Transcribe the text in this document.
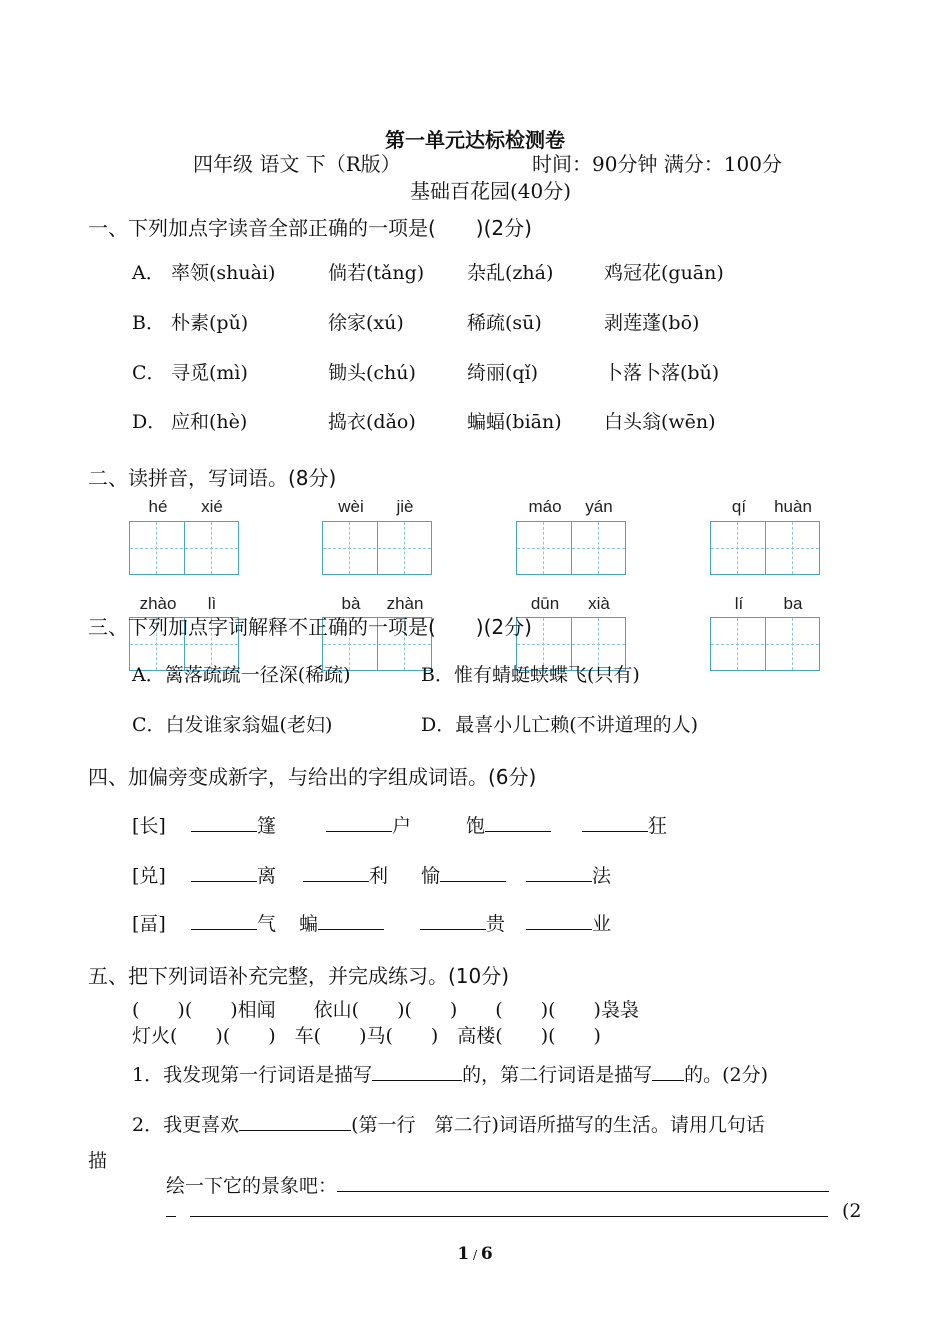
第一单元达标检测卷
四年级 语文 下（R版）	时间：90分钟 满分：100分
基础百花园(40分)
一、下列加点字读音全部正确的一项是(　　)(2分)
A． 率领(shuài)	倘若(tǎng) 杂乱(zhá)	鸡冠花(guān)
B． 朴素(pǔ)	徐家(xú)	稀疏(sū)	剥莲蓬(bō)
C． 寻觅(mì)	锄头(chú)	绮丽(qǐ)	卜落卜落(bǔ)
D． 应和(hè)	捣衣(dǎo)	蝙蝠(biān) 白头翁(wēn)
二、读拼音，写词语。(8分)
hé	xié	wèi	jiè	máo	yán	qí	huàn
zhào	lì	bà	zhàn	dūn	xià	lí	ba
三、下列加点字词解释不正确的一项是(　　)(2分)
A．篱落疏疏一径深(稀疏)	B．惟有蜻蜓蛱蝶飞(只有)
C．白发谁家翁媪(老妇)	D．最喜小儿亡赖(不讲道理的人)
四、加偏旁变成新字，与给出的字组成词语。(6分)
[长]	篷	户	饱	狂
[兑]	离	利 愉	法
[畐]	气 蝙	贵	业
五、把下列词语补充完整，并完成练习。(10分)
(　　)(　　)相闻　　依山(　　)(　　)　　(　　)(　　)袅袅
灯火(　　)(　　)　车(　　)马(　　)　高楼(　　)(　　)
1．我发现第一行词语是描写	的，第二行词语是描写 的。(2分)
2．我更喜欢	(第一行　第二行)词语所描写的生活。请用几句话
描
绘一下它的景象吧：
(2
1 / 6
